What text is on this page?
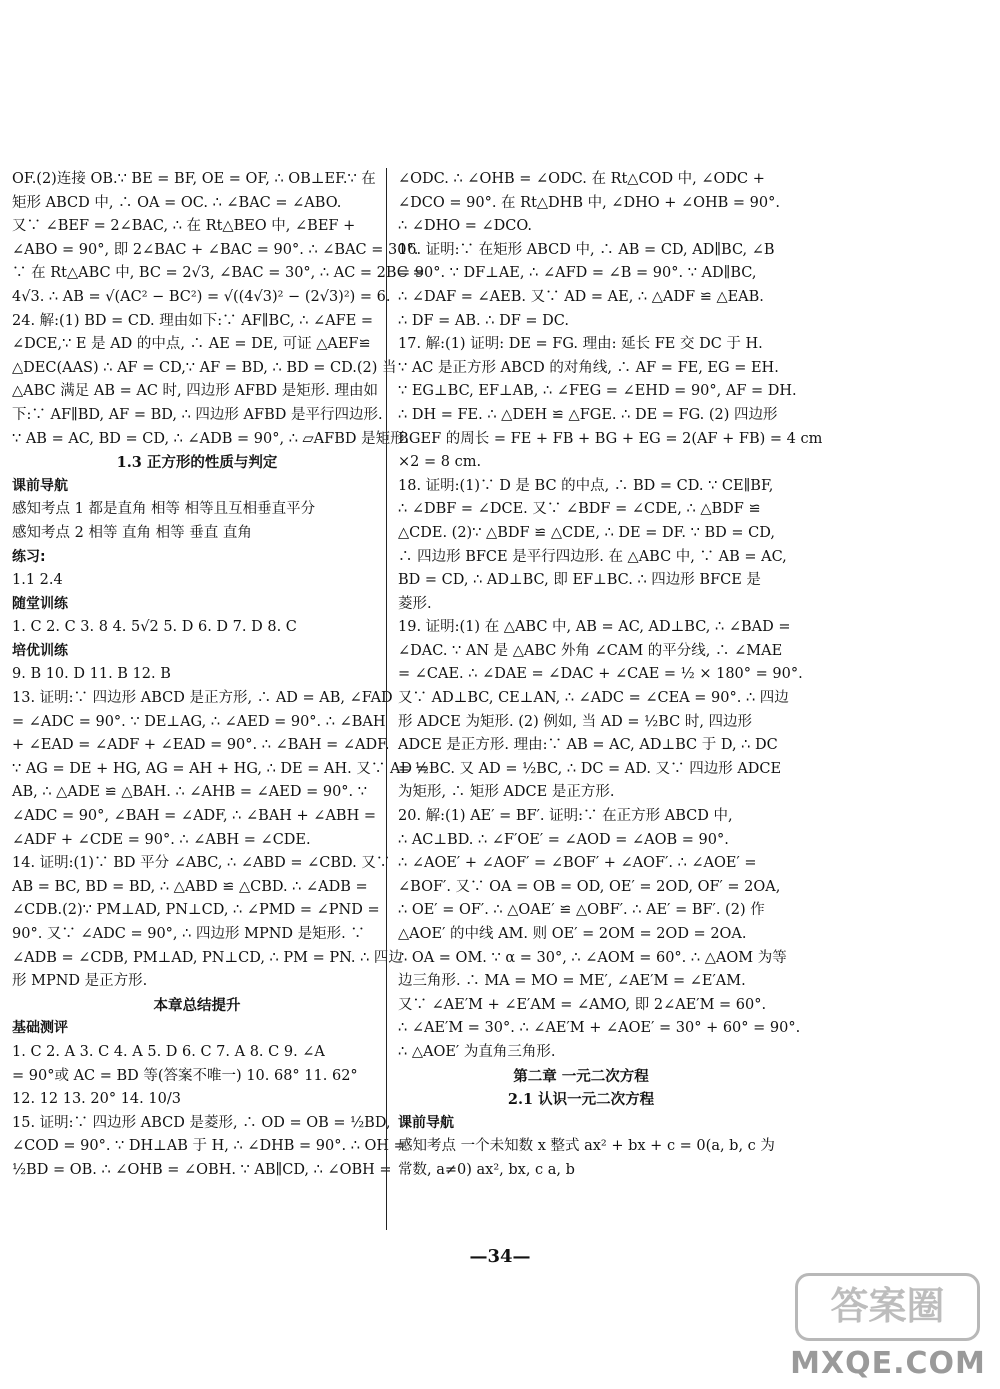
OF.(2)连接 OB.∵ BE = BF, OE = OF, ∴ OB⊥EF.∵ 在
矩形 ABCD 中, ∴ OA = OC. ∴ ∠BAC = ∠ABO.
又∵ ∠BEF = 2∠BAC, ∴ 在 Rt△BEO 中, ∠BEF +
∠ABO = 90°, 即 2∠BAC + ∠BAC = 90°. ∴ ∠BAC = 30°.
∵ 在 Rt△ABC 中, BC = 2√3, ∠BAC = 30°, ∴ AC = 2BC =
4√3. ∴ AB = √(AC² − BC²) = √((4√3)² − (2√3)²) = 6.
24. 解:(1) BD = CD. 理由如下:∵ AF∥BC, ∴ ∠AFE =
∠DCE,∵ E 是 AD 的中点, ∴ AE = DE, 可证 △AEF≌
△DEC(AAS) ∴ AF = CD,∵ AF = BD, ∴ BD = CD.(2) 当
△ABC 满足 AB = AC 时, 四边形 AFBD 是矩形. 理由如
下:∵ AF∥BD, AF = BD, ∴ 四边形 AFBD 是平行四边形.
∵ AB = AC, BD = CD, ∴ ∠ADB = 90°, ∴ ▱AFBD 是矩形.
1.3 正方形的性质与判定
课前导航
感知考点 1 都是直角 相等 相等且互相垂直平分
感知考点 2 相等 直角 相等 垂直 直角
练习:
1.1 2.4
随堂训练
1. C 2. C 3. 8 4. 5√2 5. D 6. D 7. D 8. C
培优训练
9. B 10. D 11. B 12. B
13. 证明:∵ 四边形 ABCD 是正方形, ∴ AD = AB, ∠FAD
= ∠ADC = 90°. ∵ DE⊥AG, ∴ ∠AED = 90°. ∴ ∠BAH
+ ∠EAD = ∠ADF + ∠EAD = 90°. ∴ ∠BAH = ∠ADF.
∵ AG = DE + HG, AG = AH + HG, ∴ DE = AH. 又∵ AD =
AB, ∴ △ADE ≌ △BAH. ∴ ∠AHB = ∠AED = 90°. ∵
∠ADC = 90°, ∠BAH = ∠ADF, ∴ ∠BAH + ∠ABH =
∠ADF + ∠CDE = 90°. ∴ ∠ABH = ∠CDE.
14. 证明:(1)∵ BD 平分 ∠ABC, ∴ ∠ABD = ∠CBD. 又∵
AB = BC, BD = BD, ∴ △ABD ≌ △CBD. ∴ ∠ADB =
∠CDB.(2)∵ PM⊥AD, PN⊥CD, ∴ ∠PMD = ∠PND =
90°. 又∵ ∠ADC = 90°, ∴ 四边形 MPND 是矩形. ∵
∠ADB = ∠CDB, PM⊥AD, PN⊥CD, ∴ PM = PN. ∴ 四边
形 MPND 是正方形.
本章总结提升
基础测评
1. C 2. A 3. C 4. A 5. D 6. C 7. A 8. C 9. ∠A
= 90°或 AC = BD 等(答案不唯一) 10. 68° 11. 62°
12. 12 13. 20° 14. 10/3
15. 证明:∵ 四边形 ABCD 是菱形, ∴ OD = OB = ½BD,
∠COD = 90°. ∵ DH⊥AB 于 H, ∴ ∠DHB = 90°. ∴ OH =
½BD = OB. ∴ ∠OHB = ∠OBH. ∵ AB∥CD, ∴ ∠OBH =
∠ODC. ∴ ∠OHB = ∠ODC. 在 Rt△COD 中, ∠ODC +
∠DCO = 90°. 在 Rt△DHB 中, ∠DHO + ∠OHB = 90°.
∴ ∠DHO = ∠DCO.
16. 证明:∵ 在矩形 ABCD 中, ∴ AB = CD, AD∥BC, ∠B
= 90°. ∵ DF⊥AE, ∴ ∠AFD = ∠B = 90°. ∵ AD∥BC,
∴ ∠DAF = ∠AEB. 又∵ AD = AE, ∴ △ADF ≌ △EAB.
∴ DF = AB. ∴ DF = DC.
17. 解:(1) 证明: DE = FG. 理由: 延长 FE 交 DC 于 H.
∵ AC 是正方形 ABCD 的对角线, ∴ AF = FE, EG = EH.
∵ EG⊥BC, EF⊥AB, ∴ ∠FEG = ∠EHD = 90°, AF = DH.
∴ DH = FE. ∴ △DEH ≌ △FGE. ∴ DE = FG. (2) 四边形
BGEF 的周长 = FE + FB + BG + EG = 2(AF + FB) = 4 cm
×2 = 8 cm.
18. 证明:(1)∵ D 是 BC 的中点, ∴ BD = CD. ∵ CE∥BF,
∴ ∠DBF = ∠DCE. 又∵ ∠BDF = ∠CDE, ∴ △BDF ≌
△CDE. (2)∵ △BDF ≌ △CDE, ∴ DE = DF. ∵ BD = CD,
∴ 四边形 BFCE 是平行四边形. 在 △ABC 中, ∵ AB = AC,
BD = CD, ∴ AD⊥BC, 即 EF⊥BC. ∴ 四边形 BFCE 是
菱形.
19. 证明:(1) 在 △ABC 中, AB = AC, AD⊥BC, ∴ ∠BAD =
∠DAC. ∵ AN 是 △ABC 外角 ∠CAM 的平分线, ∴ ∠MAE
= ∠CAE. ∴ ∠DAE = ∠DAC + ∠CAE = ½ × 180° = 90°.
又∵ AD⊥BC, CE⊥AN, ∴ ∠ADC = ∠CEA = 90°. ∴ 四边
形 ADCE 为矩形. (2) 例如, 当 AD = ½BC 时, 四边形
ADCE 是正方形. 理由:∵ AB = AC, AD⊥BC 于 D, ∴ DC
= ½BC. 又 AD = ½BC, ∴ DC = AD. 又∵ 四边形 ADCE
为矩形, ∴ 矩形 ADCE 是正方形.
20. 解:(1) AE′ = BF′. 证明:∵ 在正方形 ABCD 中,
∴ AC⊥BD. ∴ ∠F′OE′ = ∠AOD = ∠AOB = 90°.
∴ ∠AOE′ + ∠AOF′ = ∠BOF′ + ∠AOF′. ∴ ∠AOE′ =
∠BOF′. 又∵ OA = OB = OD, OE′ = 2OD, OF′ = 2OA,
∴ OE′ = OF′. ∴ △OAE′ ≌ △OBF′. ∴ AE′ = BF′. (2) 作
△AOE′ 的中线 AM. 则 OE′ = 2OM = 2OD = 2OA.
∴ OA = OM. ∵ α = 30°, ∴ ∠AOM = 60°. ∴ △AOM 为等
边三角形. ∴ MA = MO = ME′, ∠AE′M = ∠E′AM.
又∵ ∠AE′M + ∠E′AM = ∠AMO, 即 2∠AE′M = 60°.
∴ ∠AE′M = 30°. ∴ ∠AE′M + ∠AOE′ = 30° + 60° = 90°.
∴ △AOE′ 为直角三角形.
第二章 一元二次方程
2.1 认识一元二次方程
课前导航
感知考点 一个未知数 x 整式 ax² + bx + c = 0(a, b, c 为
常数, a≠0) ax², bx, c a, b
—34—
答案圈
MXQE.COM
